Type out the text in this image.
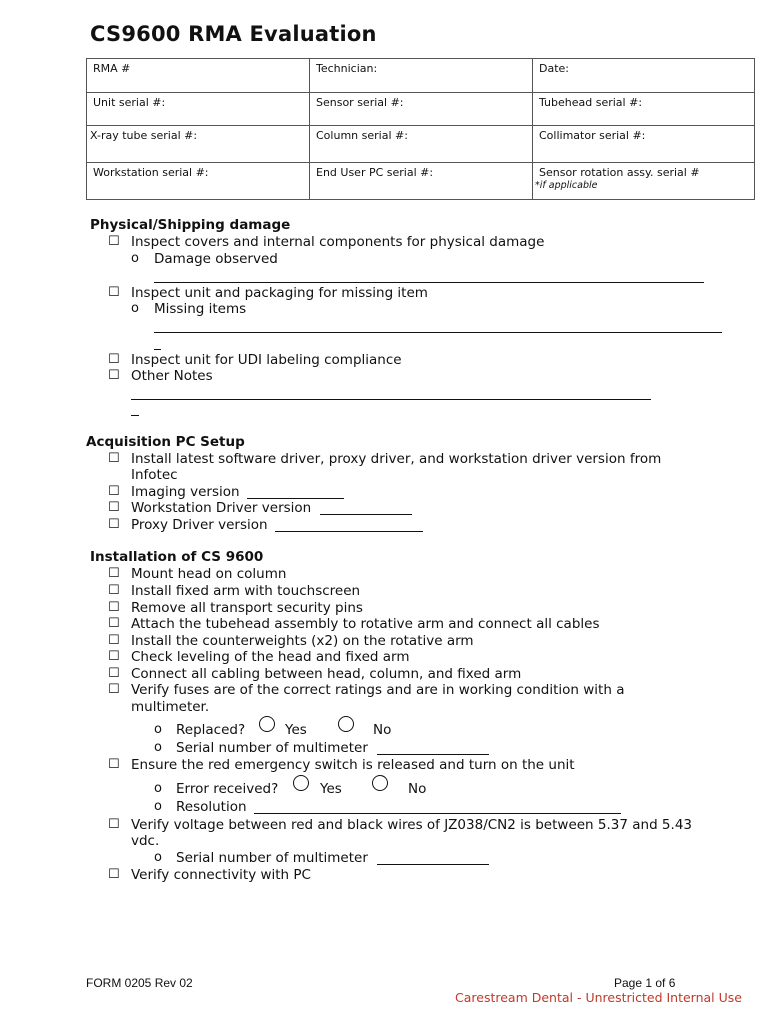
CS9600 RMA Evaluation
RMA #	Technician:	Date:
Unit serial #:	Sensor serial #:	Tubehead serial #:
X-ray tube serial #:	Column serial #:	Collimator serial #:
Workstation serial #:	End User PC serial #:	Sensor rotation assy. serial #
*if applicable
Physical/Shipping damage
☐ Inspect covers and internal components for physical damage
o Damage observed
☐ Inspect unit and packaging for missing item
o Missing items
☐ Inspect unit for UDI labeling compliance
☐ Other Notes
Acquisition PC Setup
☐ Install latest software driver, proxy driver, and workstation driver version from
Infotec
☐ Imaging version
☐ Workstation Driver version
☐ Proxy Driver version
Installation of CS 9600
☐ Mount head on column
☐ Install fixed arm with touchscreen
☐ Remove all transport security pins
☐ Attach the tubehead assembly to rotative arm and connect all cables
☐ Install the counterweights (x2) on the rotative arm
☐ Check leveling of the head and fixed arm
☐ Connect all cabling between head, column, and fixed arm
☐ Verify fuses are of the correct ratings and are in working condition with a
multimeter.
o Replaced?	Yes	No
o Serial number of multimeter
☐ Ensure the red emergency switch is released and turn on the unit
o Error received?	Yes	No
o Resolution
☐ Verify voltage between red and black wires of JZ038/CN2 is between 5.37 and 5.43
vdc.
o Serial number of multimeter
☐ Verify connectivity with PC
FORM 0205 Rev 02	Page 1 of 6
Carestream Dental - Unrestricted Internal Use
